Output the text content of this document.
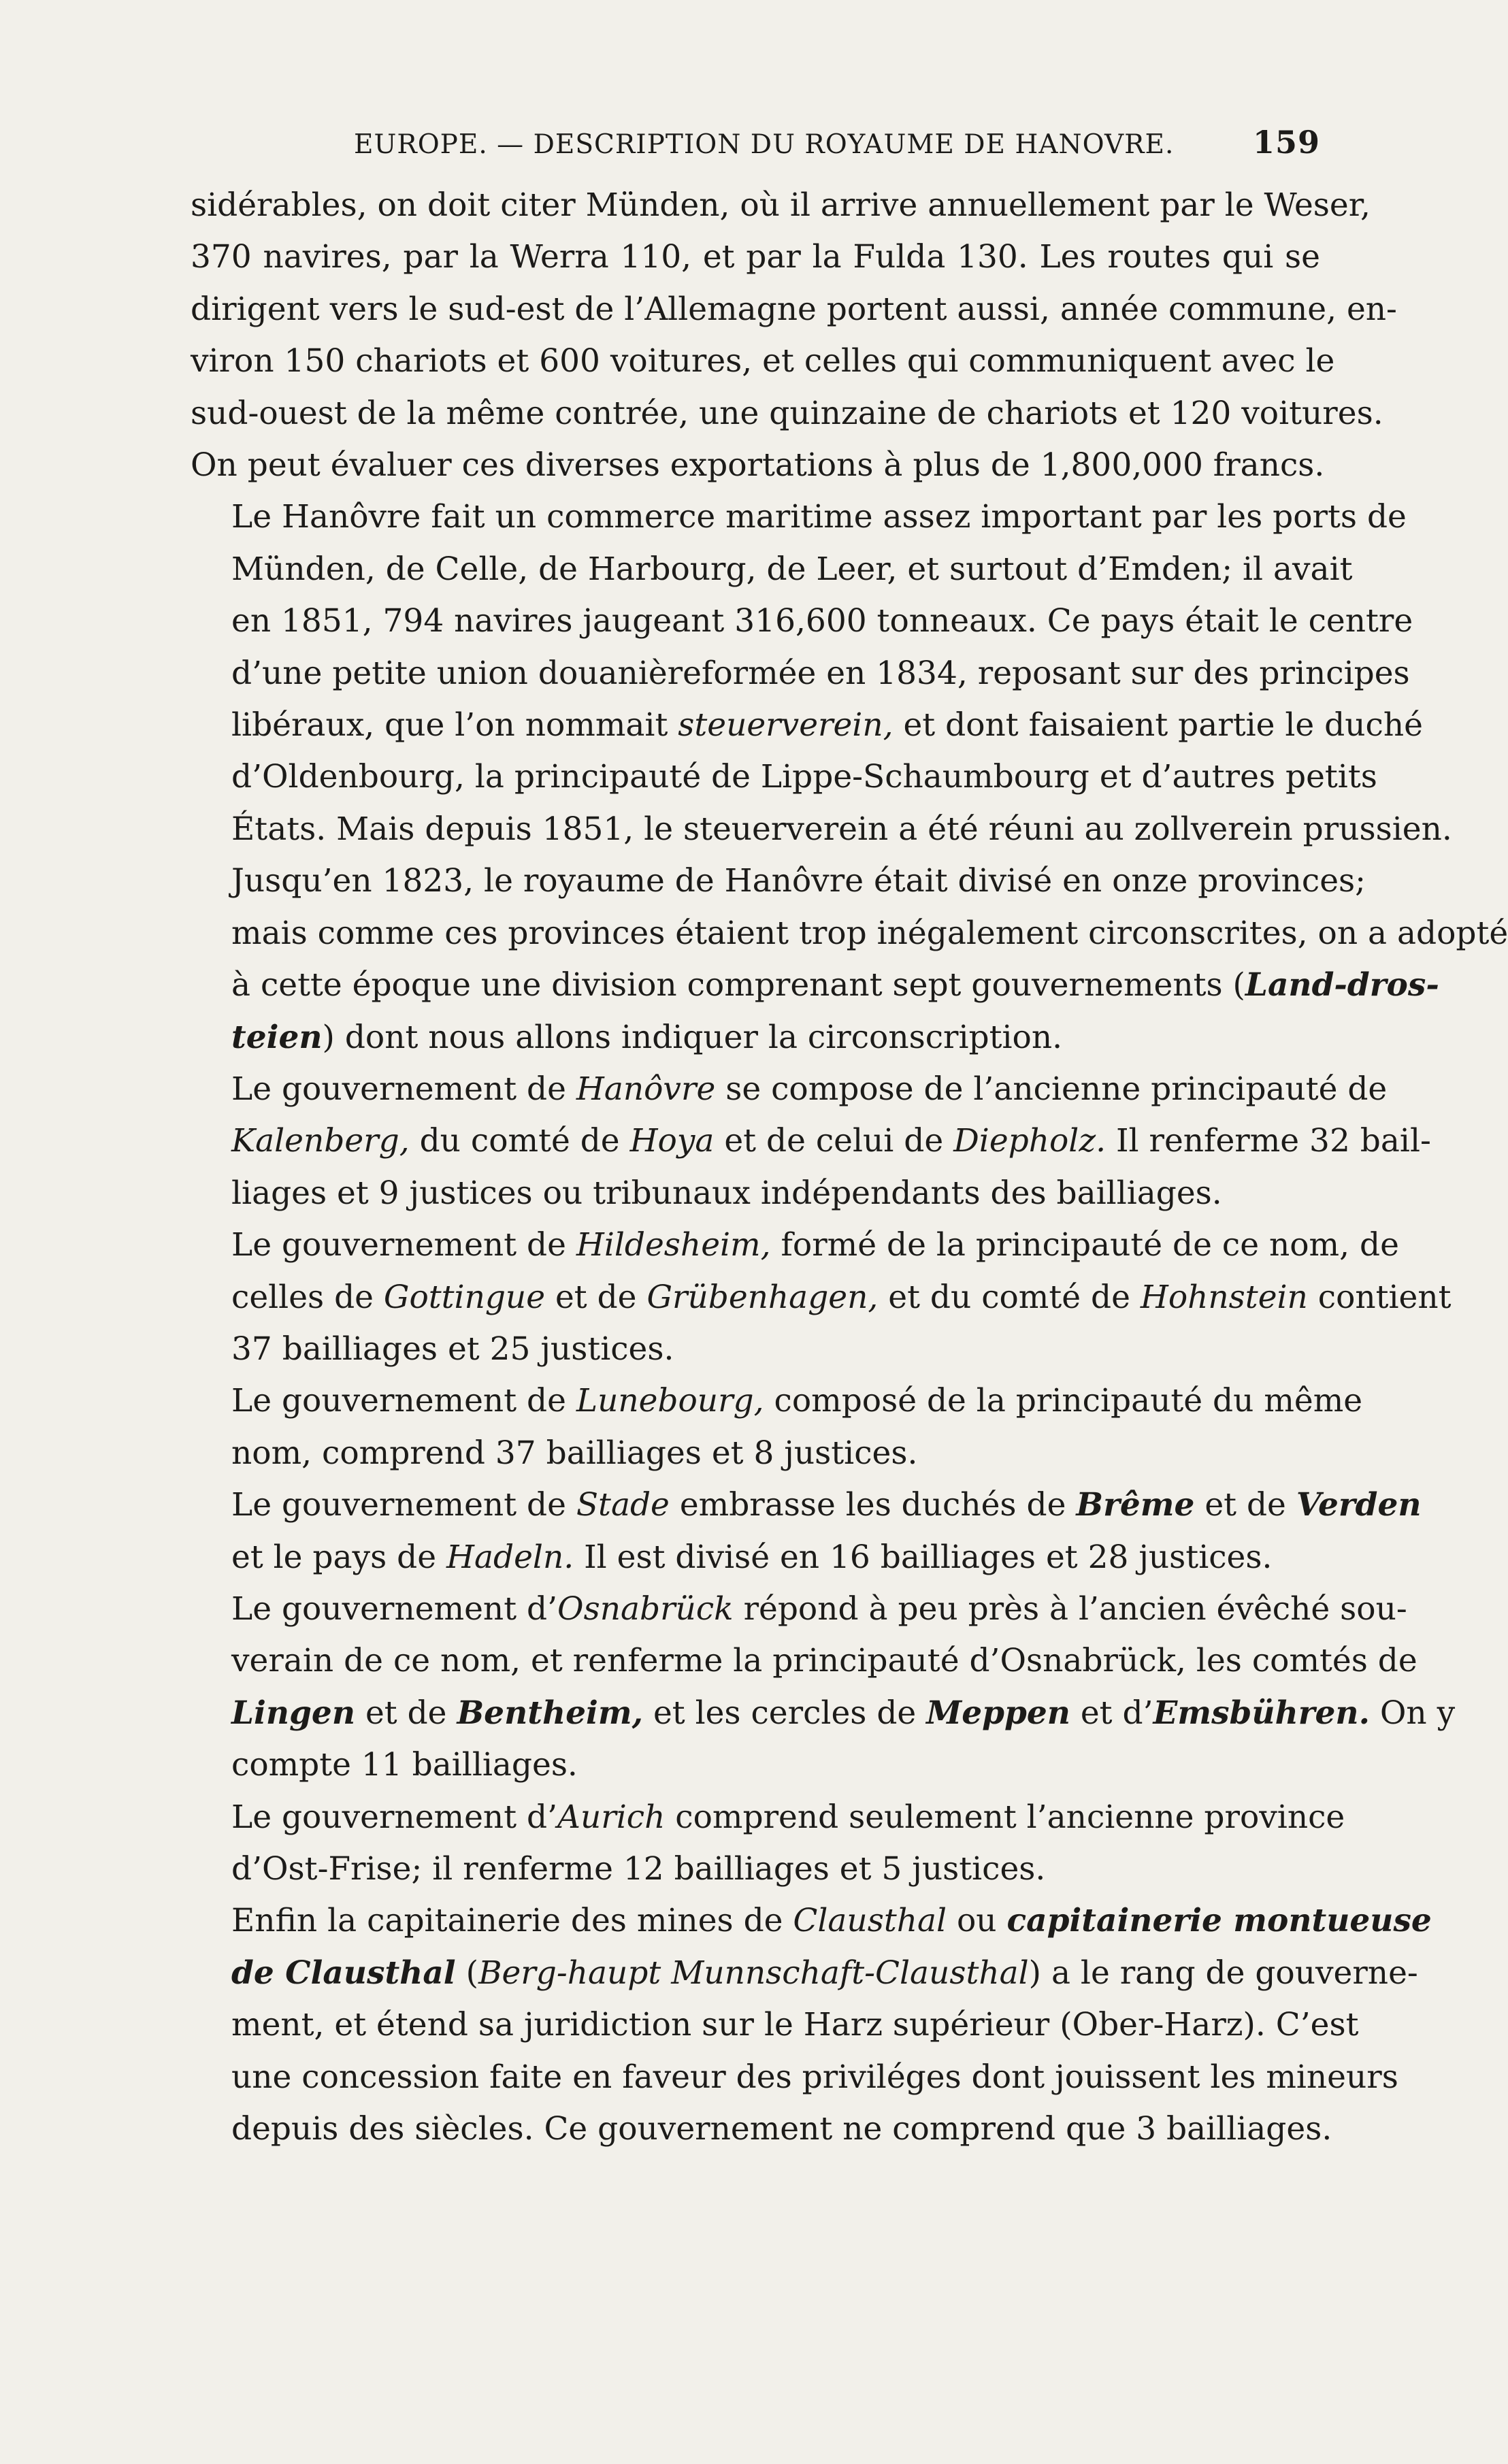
EUROPE. — DESCRIPTION DU ROYAUME DE HANOVRE.	159

sidérables, on doit citer Münden, où il arrive annuellement par le Weser,
370 navires, par la Werra 110, et par la Fulda 130. Les routes qui se
dirigent vers le sud-est de l’Allemagne portent aussi, année commune, en-
viron 150 chariots et 600 voitures, et celles qui communiquent avec le
sud-ouest de la même contrée, une quinzaine de chariots et 120 voitures.
On peut évaluer ces diverses exportations à plus de 1,800,000 francs.

Le Hanôvre fait un commerce maritime assez important par les ports de
Münden, de Celle, de Harbourg, de Leer, et surtout d’Emden; il avait
en 1851, 794 navires jaugeant 316,600 tonneaux. Ce pays était le centre
d’une petite union douanièreformée en 1834, reposant sur des principes
libéraux, que l’on nommait steuerverein, et dont faisaient partie le duché
d’Oldenbourg, la principauté de Lippe-Schaumbourg et d’autres petits
États. Mais depuis 1851, le steuerverein a été réuni au zollverein prussien.

Jusqu’en 1823, le royaume de Hanôvre était divisé en onze provinces;
mais comme ces provinces étaient trop inégalement circonscrites, on a adopté
à cette époque une division comprenant sept gouvernements (Land-dros-
teien) dont nous allons indiquer la circonscription.

Le gouvernement de Hanôvre se compose de l’ancienne principauté de
Kalenberg, du comté de Hoya et de celui de Diepholz. Il renferme 32 bail-
liages et 9 justices ou tribunaux indépendants des bailliages.

Le gouvernement de Hildesheim, formé de la principauté de ce nom, de
celles de Gottingue et de Grübenhagen, et du comté de Hohnstein contient
37 bailliages et 25 justices.

Le gouvernement de Lunebourg, composé de la principauté du même
nom, comprend 37 bailliages et 8 justices.

Le gouvernement de Stade embrasse les duchés de Brême et de Verden
et le pays de Hadeln. Il est divisé en 16 bailliages et 28 justices.

Le gouvernement d’Osnabrück répond à peu près à l’ancien évêché sou-
verain de ce nom, et renferme la principauté d’Osnabrück, les comtés de
Lingen et de Bentheim, et les cercles de Meppen et d’Emsbühren. On y
compte 11 bailliages.

Le gouvernement d’Aurich comprend seulement l’ancienne province
d’Ost-Frise; il renferme 12 bailliages et 5 justices.

Enfin la capitainerie des mines de Clausthal ou capitainerie montueuse
de Clausthal (Berg-haupt Munnschaft-Clausthal) a le rang de gouverne-
ment, et étend sa juridiction sur le Harz supérieur (Ober-Harz). C’est
une concession faite en faveur des priviléges dont jouissent les mineurs
depuis des siècles. Ce gouvernement ne comprend que 3 bailliages.
